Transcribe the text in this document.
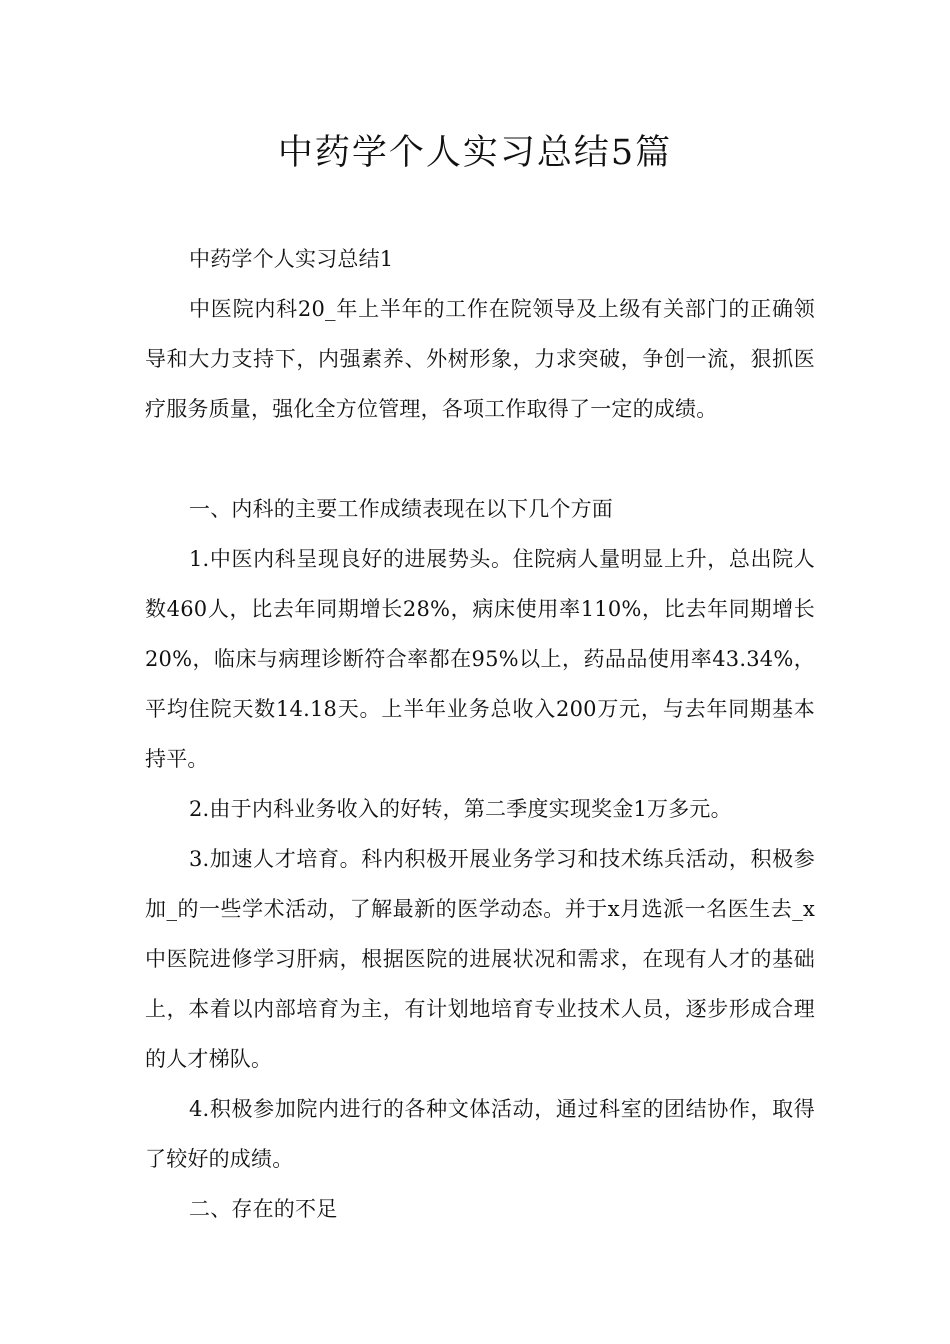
中药学个人实习总结5篇

中药学个人实习总结1

中医院内科20_年上半年的工作在院领导及上级有关部门的正确领导和大力支持下，内强素养、外树形象，力求突破，争创一流，狠抓医疗服务质量，强化全方位管理，各项工作取得了一定的成绩。

一、内科的主要工作成绩表现在以下几个方面

1.中医内科呈现良好的进展势头。住院病人量明显上升，总出院人数460人，比去年同期增长28%，病床使用率110%，比去年同期增长20%，临床与病理诊断符合率都在95%以上，药品品使用率43.34%，平均住院天数14.18天。上半年业务总收入200万元，与去年同期基本持平。

2.由于内科业务收入的好转，第二季度实现奖金1万多元。

3.加速人才培育。科内积极开展业务学习和技术练兵活动，积极参加_的一些学术活动，了解最新的医学动态。并于x月选派一名医生去_x中医院进修学习肝病，根据医院的进展状况和需求，在现有人才的基础上，本着以内部培育为主，有计划地培育专业技术人员，逐步形成合理的人才梯队。

4.积极参加院内进行的各种文体活动，通过科室的团结协作，取得了较好的成绩。

二、存在的不足
